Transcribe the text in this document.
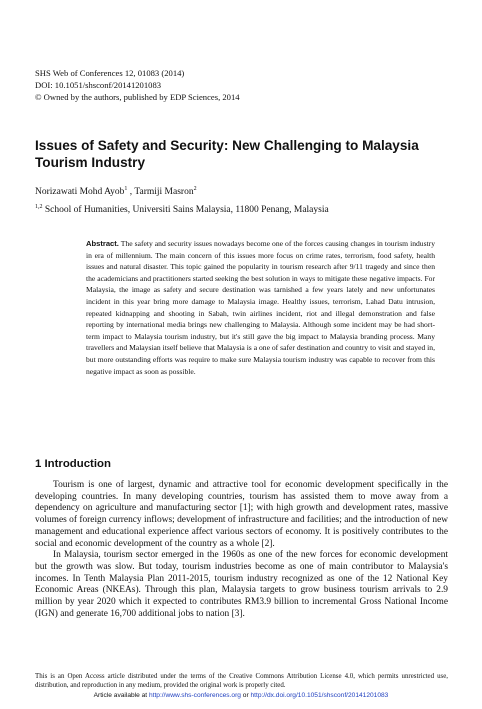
SHS Web of Conferences 12, 01083 (2014)
DOI: 10.1051/shsconf/20141201083
© Owned by the authors, published by EDP Sciences, 2014
Issues of Safety and Security: New Challenging to Malaysia Tourism Industry
Norizawati Mohd Ayob$^1$ , Tarmiji Masron$^2$
$^{1,2}$ School of Humanities, Universiti Sains Malaysia, 11800 Penang, Malaysia

Abstract. The safety and security issues nowadays become one of the forces causing changes in tourism industry in era of millennium. The main concern of this issues more focus on crime rates, terrorism, food safety, health issues and natural disaster. This topic gained the popularity in tourism research after 9/11 tragedy and since then the academicians and practitioners started seeking the best solution in ways to mitigate these negative impacts. For Malaysia, the image as safety and secure destination was tarnished a few years lately and new unfortunates incident in this year bring more damage to Malaysia image. Healthy issues, terrorism, Lahad Datu intrusion, repeated kidnapping and shooting in Sabah, twin airlines incident, riot and illegal demonstration and false reporting by international media brings new challenging to Malaysia. Although some incident may be had short-term impact to Malaysia tourism industry, but it's still gave the big impact to Malaysia branding process. Many travellers and Malaysian itself believe that Malaysia is a one of safer destination and country to visit and stayed in, but more outstanding efforts was require to make sure Malaysia tourism industry was capable to recover from this negative impact as soon as possible.

1 Introduction

Tourism is one of largest, dynamic and attractive tool for economic development specifically in the developing countries. In many developing countries, tourism has assisted them to move away from a dependency on agriculture and manufacturing sector [1]; with high growth and development rates, massive volumes of foreign currency inflows; development of infrastructure and facilities; and the introduction of new management and educational experience affect various sectors of economy. It is positively contributes to the social and economic development of the country as a whole [2].

In Malaysia, tourism sector emerged in the 1960s as one of the new forces for economic development but the growth was slow. But today, tourism industries become as one of main contributor to Malaysia's incomes. In Tenth Malaysia Plan 2011-2015, tourism industry recognized as one of the 12 National Key Economic Areas (NKEAs). Through this plan, Malaysia targets to grow business tourism arrivals to 2.9 million by year 2020 which it expected to contributes RM3.9 billion to incremental Gross National Income (IGN) and generate 16,700 additional jobs to nation [3].

This is an Open Access article distributed under the terms of the Creative Commons Attribution License 4.0, which permits unrestricted use, distribution, and reproduction in any medium, provided the original work is properly cited.
Article available at http://www.shs-conferences.org or http://dx.doi.org/10.1051/shsconf/20141201083
